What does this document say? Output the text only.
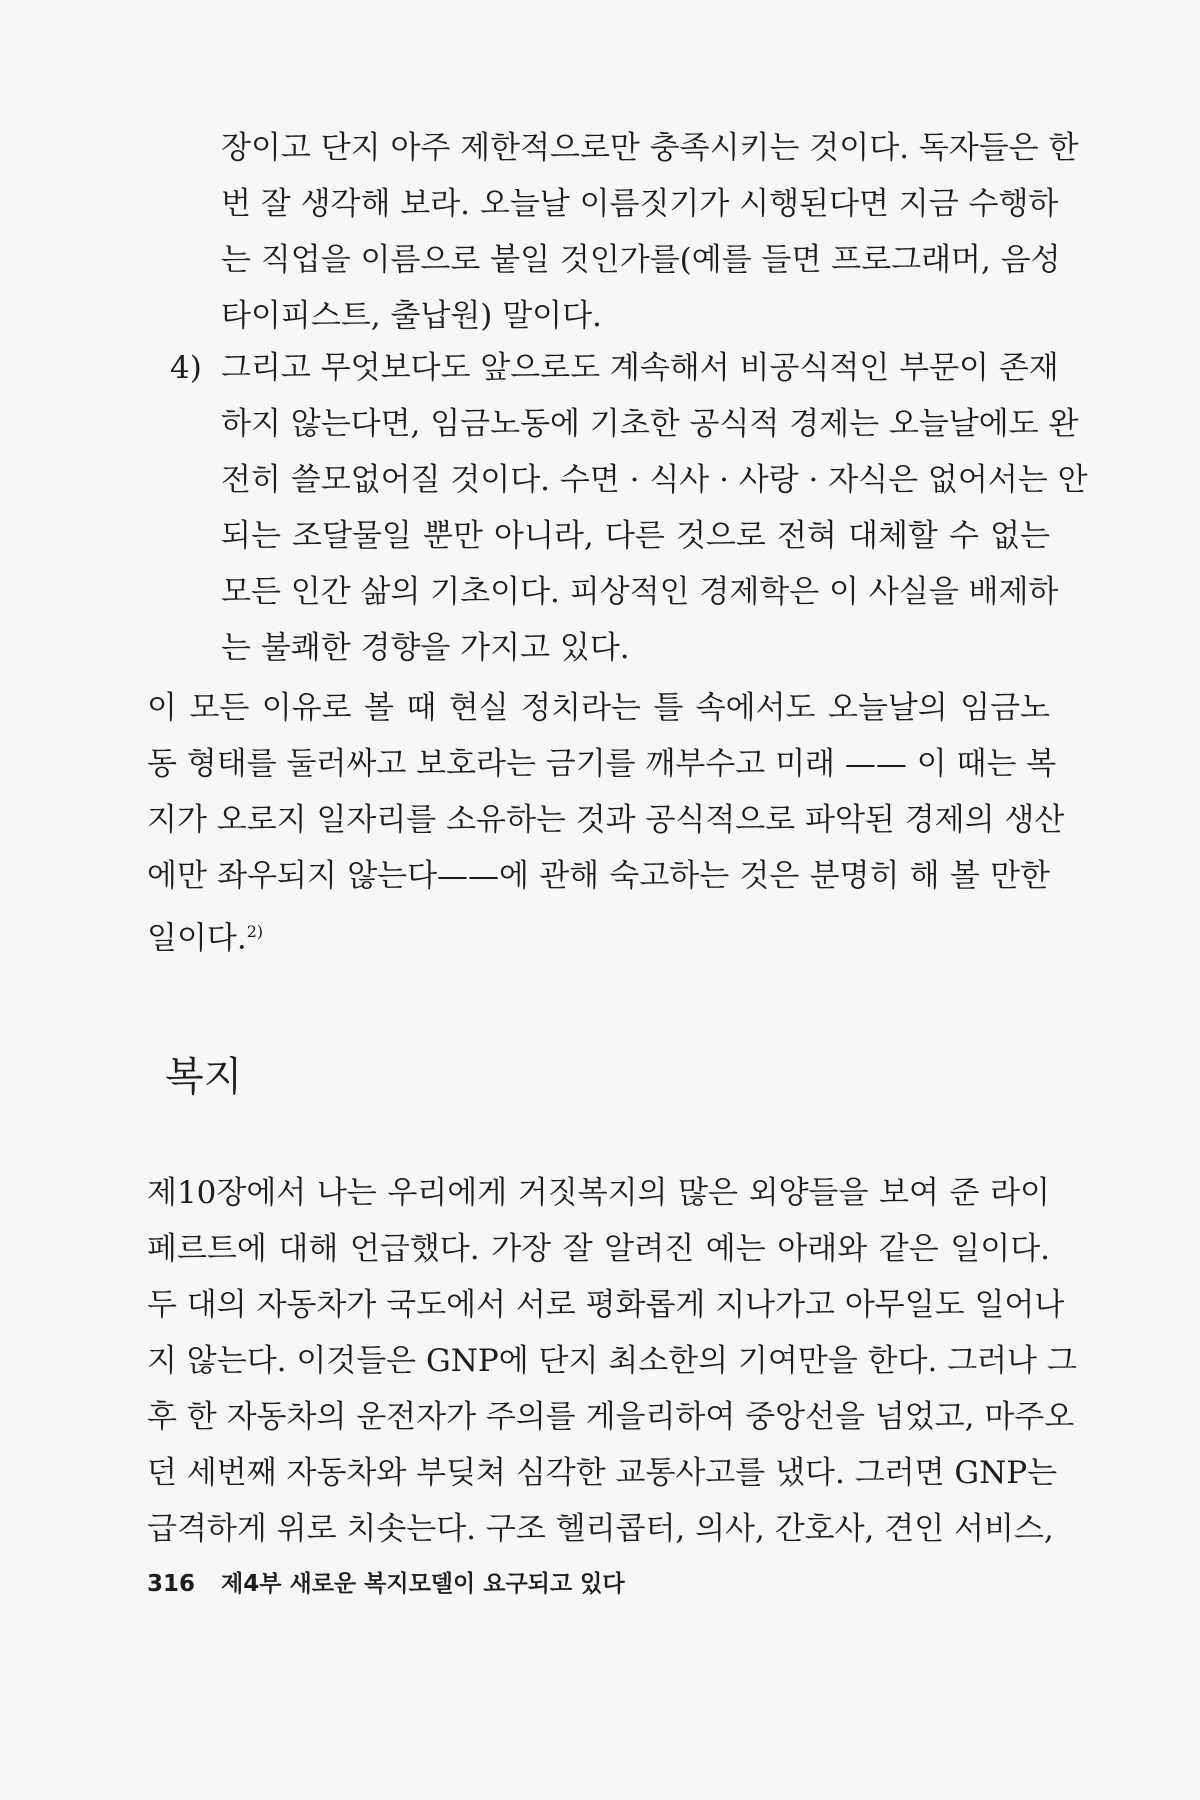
장이고 단지 아주 제한적으로만 충족시키는 것이다. 독자들은 한
번 잘 생각해 보라. 오늘날 이름짓기가 시행된다면 지금 수행하
는 직업을 이름으로 붙일 것인가를(예를 들면 프로그래머, 음성
타이피스트, 출납원) 말이다.
4) 그리고 무엇보다도 앞으로도 계속해서 비공식적인 부문이 존재
하지 않는다면, 임금노동에 기초한 공식적 경제는 오늘날에도 완
전히 쓸모없어질 것이다. 수면 · 식사 · 사랑 · 자식은 없어서는 안
되는 조달물일 뿐만 아니라, 다른 것으로 전혀 대체할 수 없는
모든 인간 삶의 기초이다. 피상적인 경제학은 이 사실을 배제하
는 불쾌한 경향을 가지고 있다.
이 모든 이유로 볼 때 현실 정치라는 틀 속에서도 오늘날의 임금노
동 형태를 둘러싸고 보호라는 금기를 깨부수고 미래 —— 이 때는 복
지가 오로지 일자리를 소유하는 것과 공식적으로 파악된 경제의 생산
에만 좌우되지 않는다——에 관해 숙고하는 것은 분명히 해 볼 만한
일이다.$^{2)}$
복지
제10장에서 나는 우리에게 거짓복지의 많은 외양들을 보여 준 라이
페르트에 대해 언급했다. 가장 잘 알려진 예는 아래와 같은 일이다.
두 대의 자동차가 국도에서 서로 평화롭게 지나가고 아무일도 일어나
지 않는다. 이것들은 GNP에 단지 최소한의 기여만을 한다. 그러나 그
후 한 자동차의 운전자가 주의를 게을리하여 중앙선을 넘었고, 마주오
던 세번째 자동차와 부딪쳐 심각한 교통사고를 냈다. 그러면 GNP는
급격하게 위로 치솟는다. 구조 헬리콥터, 의사, 간호사, 견인 서비스,
316 제4부 새로운 복지모델이 요구되고 있다
